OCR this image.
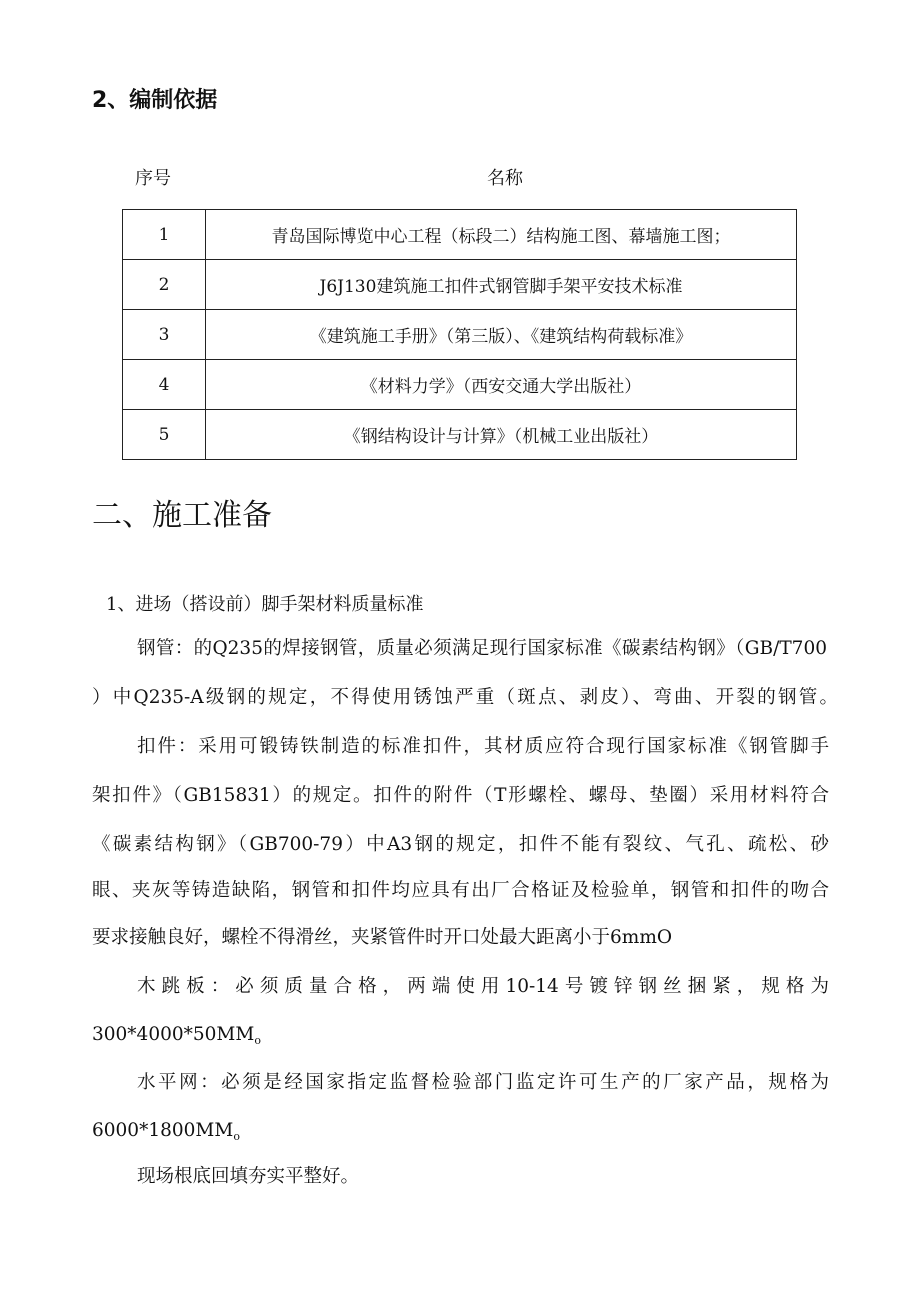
2、编制依据
序号	名称
1	青岛国际博览中心工程（标段二）结构施工图、幕墙施工图；
2	J6J130建筑施工扣件式钢管脚手架平安技术标准
3	《建筑施工手册》（第三版）、《建筑结构荷载标准》
4	《材料力学》（西安交通大学出版社）
5	《钢结构设计与计算》（机械工业出版社）
二、施工准备
1、进场（搭设前）脚手架材料质量标准
钢管：的Q235的焊接钢管，质量必须满足现行国家标准《碳素结构钢》（GB/T700
）中Q235-A级钢的规定，不得使用锈蚀严重（斑点、剥皮）、弯曲、开裂的钢管。
扣件：采用可锻铸铁制造的标准扣件，其材质应符合现行国家标准《钢管脚手
架扣件》（GB15831）的规定。扣件的附件（T形螺栓、螺母、垫圈）采用材料符合
《碳素结构钢》（GB700-79）中A3钢的规定，扣件不能有裂纹、气孔、疏松、砂
眼、夹灰等铸造缺陷，钢管和扣件均应具有出厂合格证及检验单，钢管和扣件的吻合
要求接触良好，螺栓不得滑丝，夹紧管件时开口处最大距离小于6mmO
木跳板：必须质量合格，两端使用10-14号镀锌钢丝捆紧，规格为
$300*4000*50MM_o$
水平网：必须是经国家指定监督检验部门监定许可生产的厂家产品，规格为
$6000*1800MM_o$
现场根底回填夯实平整好。
